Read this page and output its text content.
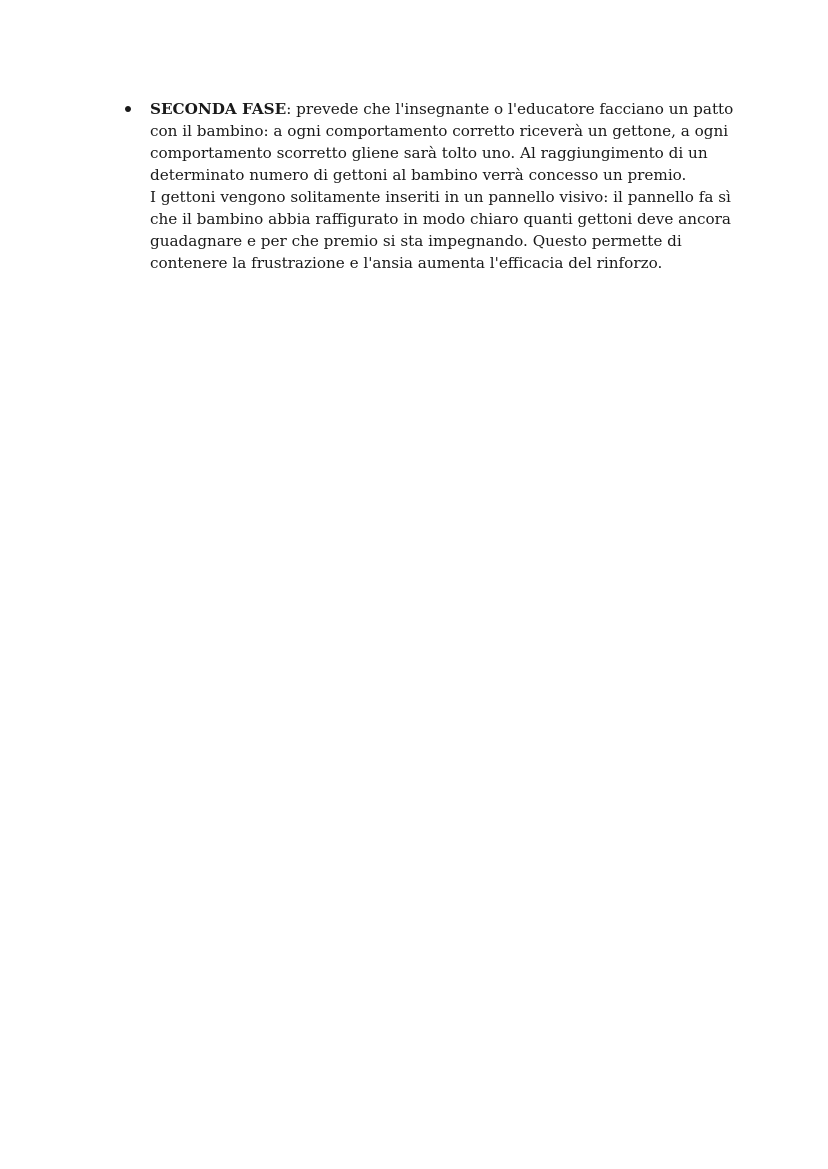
SECONDA FASE: prevede che l'insegnante o l'educatore facciano un patto
con il bambino: a ogni comportamento corretto riceverà un gettone, a ogni
comportamento scorretto gliene sarà tolto uno. Al raggiungimento di un
determinato numero di gettoni al bambino verrà concesso un premio.
I gettoni vengono solitamente inseriti in un pannello visivo: il pannello fa sì
che il bambino abbia raffigurato in modo chiaro quanti gettoni deve ancora
guadagnare e per che premio si sta impegnando. Questo permette di
contenere la frustrazione e l'ansia aumenta l'efficacia del rinforzo.
